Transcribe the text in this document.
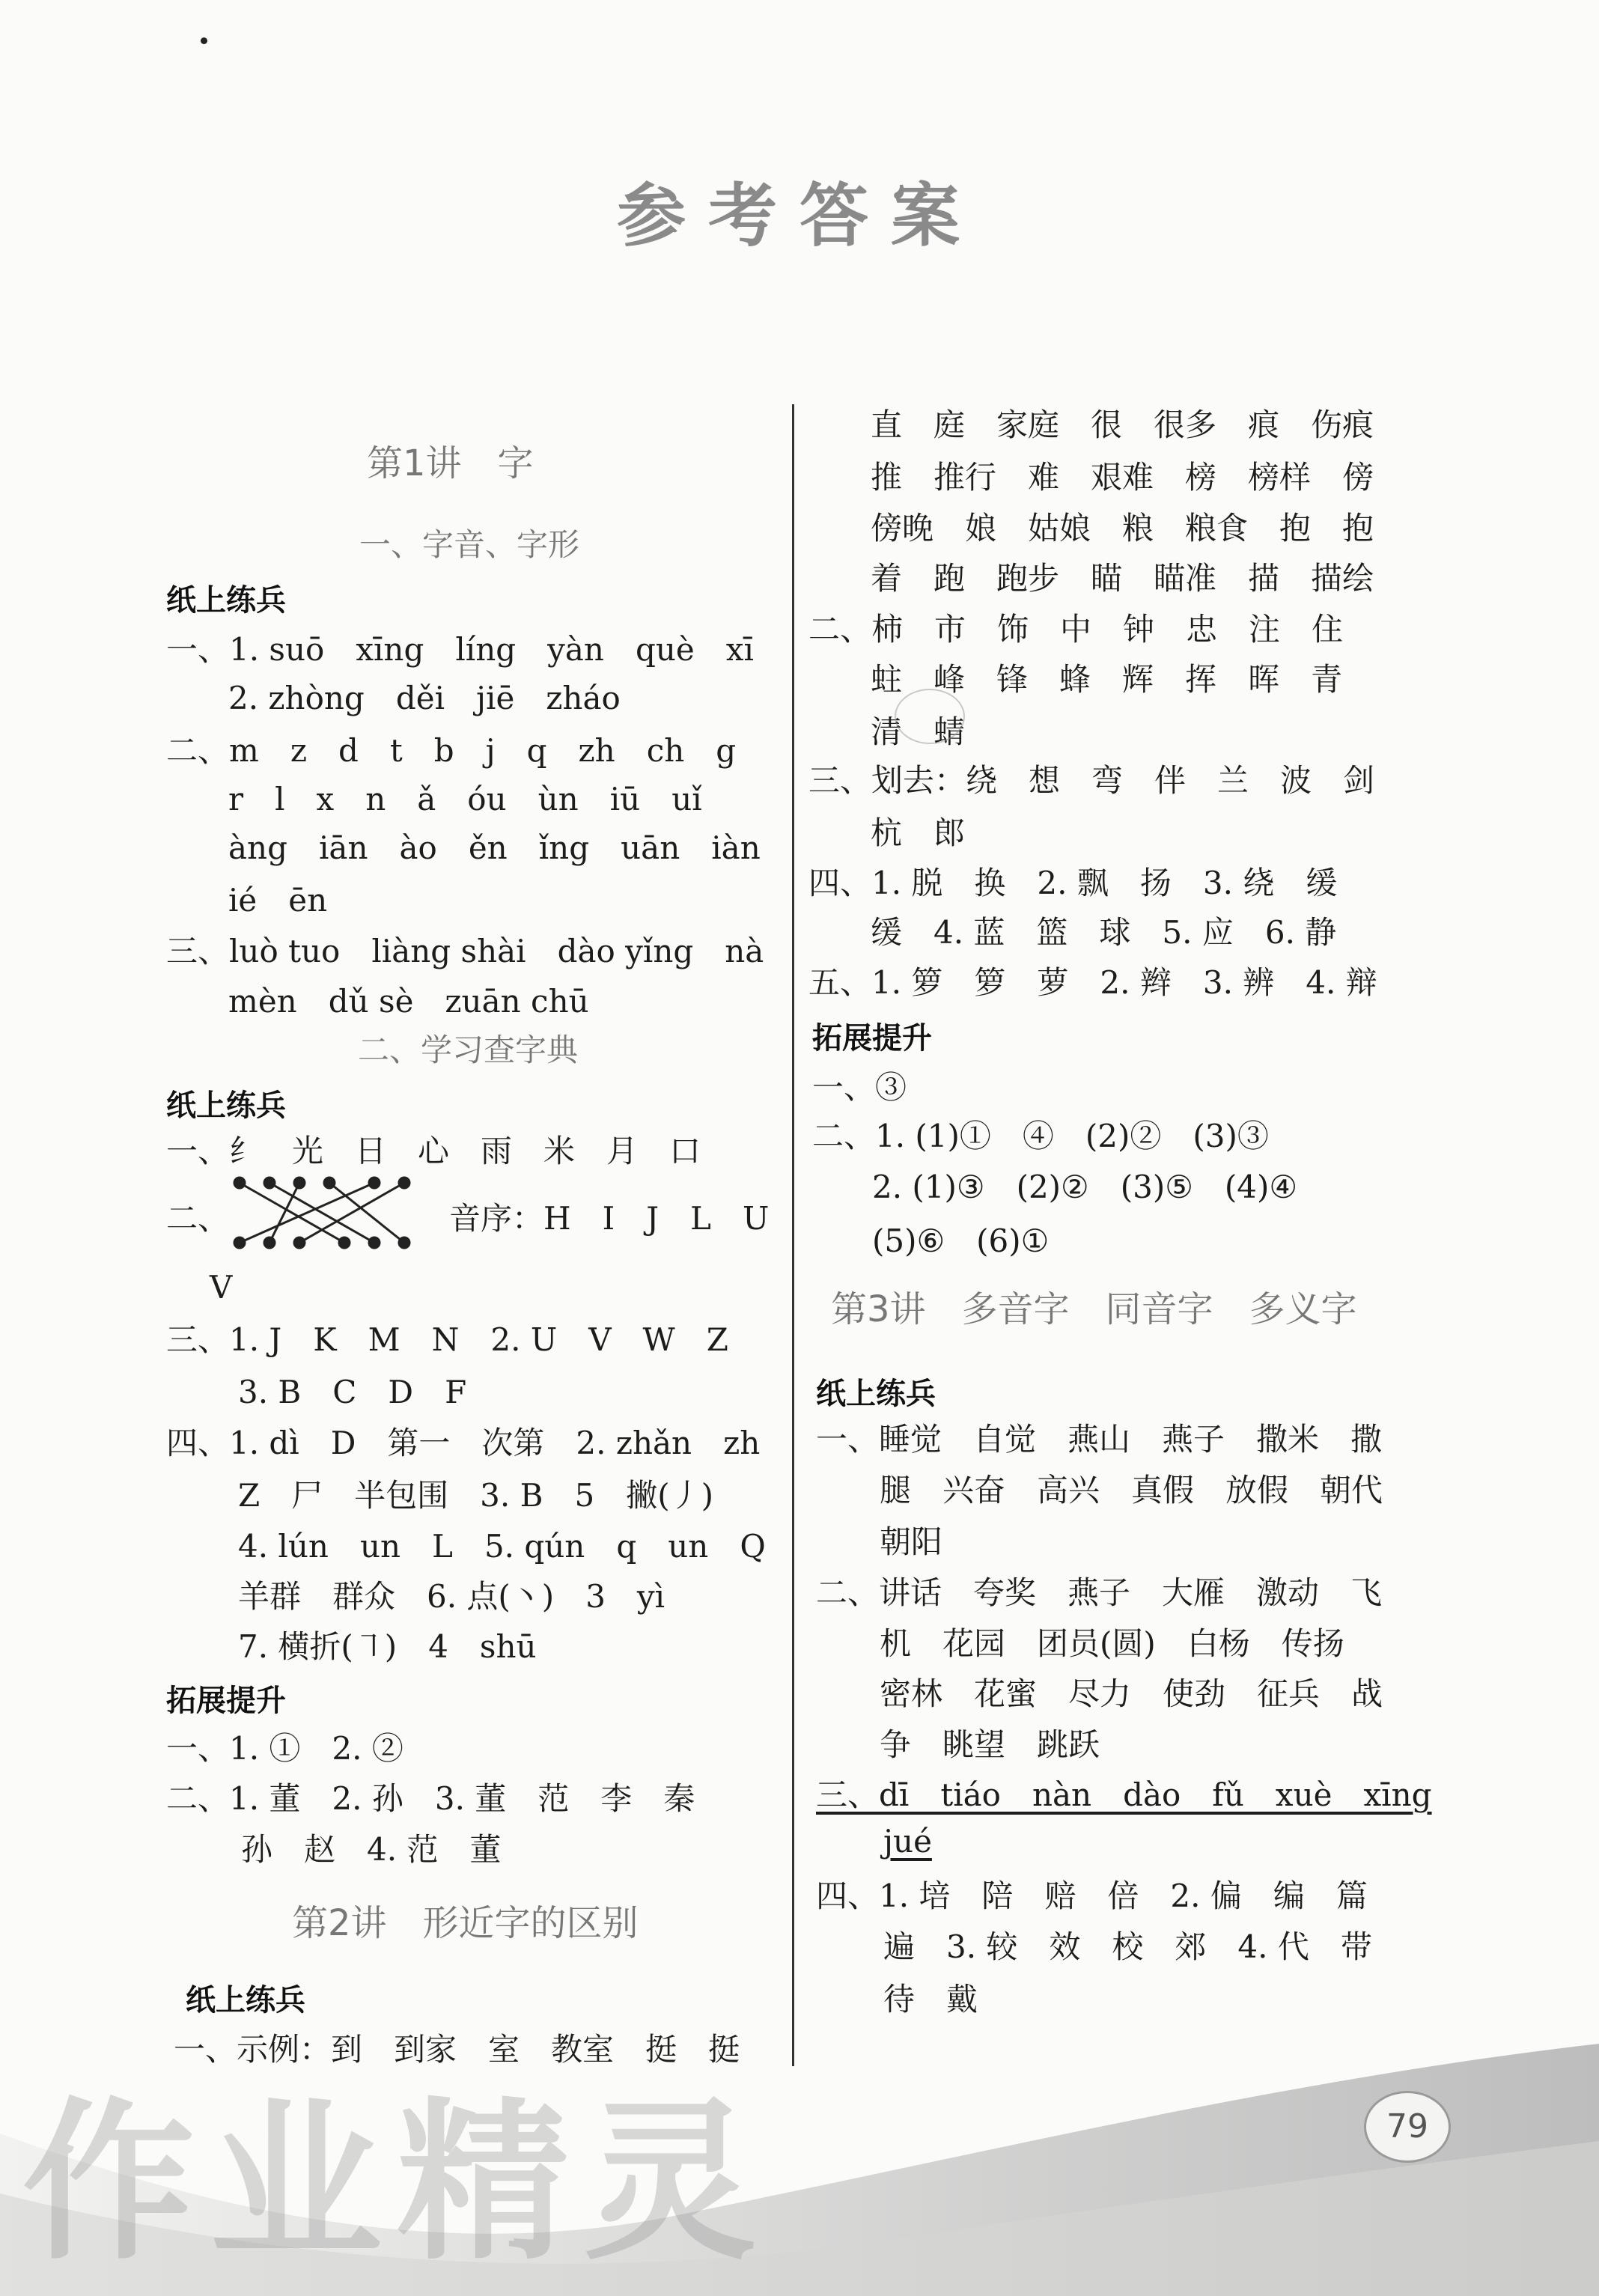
参考答案
第1讲　字
一、字音、字形
纸上练兵
一、1. suō　xīng　líng　yàn　què　xī
2. zhòng　děi　jiē　zháo
二、m　z　d　t　b　j　q　zh　ch　g
r　l　x　n　ǎ　óu　ùn　iū　uǐ
àng　iān　ào　ěn　ǐng　uān　iàn
ié　ēn
三、luò tuo　liàng shài　dào yǐng　nà
mèn　dǔ sè　zuān chū
二、学习查字典
纸上练兵
一、纟　光　日　心　雨　米　月　口
音序：H　I　J　L　U
V
三、1. J　K　M　N　2. U　V　W　Z
3. B　C　D　F
四、1. dì　D　第一　次第　2. zhǎn　zh
Z　尸　半包围　3. B　5　撇(丿)
4. lún　un　L　5. qún　q　un　Q
羊群　群众　6. 点(丶)　3　yì
7. 横折(㇕)　4　shū
拓展提升
一、1. ①　2. ②
二、1. 董　2. 孙　3. 董　范　李　秦
孙　赵　4. 范　董
第2讲　形近字的区别
纸上练兵
一、示例：到　到家　室　教室　挺　挺
直　庭　家庭　很　很多　痕　伤痕
推　推行　难　艰难　榜　榜样　傍
傍晚　娘　姑娘　粮　粮食　抱　抱
着　跑　跑步　瞄　瞄准　描　描绘
二、柿　市　饰　中　钟　忠　注　住
蛀　峰　锋　蜂　辉　挥　晖　青
清　蜻
三、划去：绕　想　弯　伴　兰　波　剑
杭　郎
四、1. 脱　换　2. 飘　扬　3. 绕　缓
缓　4. 蓝　篮　球　5. 应　6. 静
五、1. 箩　箩　萝　2. 辫　3. 辨　4. 辩
拓展提升
一、③
二、1. (1)①　④　(2)②　(3)③
2. (1)③　(2)②　(3)⑤　(4)④
(5)⑥　(6)①
第3讲　多音字　同音字　多义字
纸上练兵
一、睡觉　自觉　燕山　燕子　撒米　撒
腿　兴奋　高兴　真假　放假　朝代
朝阳
二、讲话　夸奖　燕子　大雁　激动　飞
机　花园　团员(圆)　白杨　传扬
密林　花蜜　尽力　使劲　征兵　战
争　眺望　跳跃
三、dī　tiáo　nàn　dào　fǔ　xuè　xīng
jué
四、1. 培　陪　赔　倍　2. 偏　编　篇
遍　3. 较　效　校　郊　4. 代　带
待　戴
二、
作业精灵	79
